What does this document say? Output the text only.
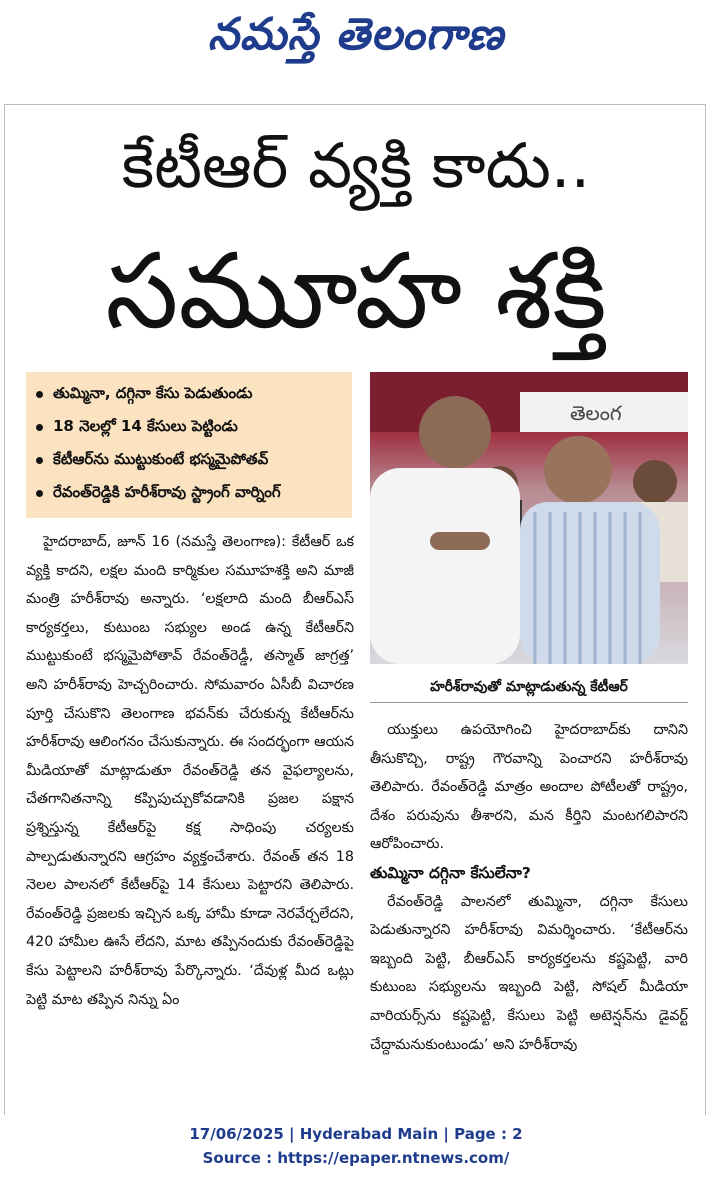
నమస్తే తెలంగాణ
కేటీఆర్ వ్యక్తి కాదు..
సమూహ శక్తి
తుమ్మినా, దగ్గినా కేసు పెడుతుండు
18 నెలల్లో 14 కేసులు పెట్టిండు
కేటీఆర్‌ను ముట్టుకుంటే భస్మమైపోతవ్
రేవంత్‌రెడ్డికి హరీశ్‌రావు స్ట్రాంగ్ వార్నింగ్
తెలంగ
హరీశ్‌రావుతో మాట్లాడుతున్న కేటీఆర్

హైదరాబాద్, జూన్ 16 (నమస్తే తెలంగాణ): కేటీఆర్ ఒక వ్యక్తి కాదని, లక్షల మంది కార్మికుల సమూహశక్తి అని మాజీ మంత్రి హరీశ్‌రావు అన్నారు. ‘లక్షలాది మంది బీఆర్‌ఎస్ కార్యకర్తలు, కుటుంబ సభ్యుల అండ ఉన్న కేటీఆర్‌ని ముట్టుకుంటే భస్మమైపోతావ్ రేవంత్‌రెడ్డీ, తస్మాత్ జాగ్రత్త’ అని హరీశ్‌రావు హెచ్చరించారు. సోమవారం ఏసీబీ విచారణ పూర్తి చేసుకొని తెలంగాణ భవన్‌కు చేరుకున్న కేటీఆర్‌ను హరీశ్‌రావు ఆలింగనం చేసుకున్నారు. ఈ సందర్భంగా ఆయన మీడియాతో మాట్లాడుతూ రేవంత్‌రెడ్డి తన వైఫల్యాలను, చేతగానితనాన్ని కప్పిపుచ్చుకోవడానికి ప్రజల పక్షాన ప్రశ్నిస్తున్న కేటీఆర్‌పై కక్ష సాధింపు చర్యలకు పాల్పడుతున్నారని ఆగ్రహం వ్యక్తంచేశారు. రేవంత్ తన 18 నెలల పాలనలో కేటీఆర్‌పై 14 కేసులు పెట్టారని తెలిపారు. రేవంత్‌రెడ్డి ప్రజలకు ఇచ్చిన ఒక్క హామీ కూడా నెరవేర్చలేదని, 420 హామీల ఊసే లేదని, మాట తప్పినందుకు రేవంత్‌రెడ్డిపై కేసు పెట్టాలని హరీశ్‌రావు పేర్కొన్నారు. ‘దేవుళ్ల మీద ఒట్లు పెట్టి మాట తప్పిన నిన్ను ఏం

యుక్తులు ఉపయోగించి హైదరాబాద్‌కు దానిని తీసుకొచ్చి, రాష్ట్ర గౌరవాన్ని పెంచారని హరీశ్‌రావు తెలిపారు. రేవంత్‌రెడ్డి మాత్రం అందాల పోటీలతో రాష్ట్రం, దేశం పరువును తీశారని, మన కీర్తిని మంటగలిపారని ఆరోపించారు.

తుమ్మినా దగ్గినా కేసులేనా?

రేవంత్‌రెడ్డి పాలనలో తుమ్మినా, దగ్గినా కేసులు పెడుతున్నారని హరీశ్‌రావు విమర్శించారు. ‘కేటీఆర్‌ను ఇబ్బంది పెట్టి, బీఆర్‌ఎస్ కార్యకర్తలను కష్టపెట్టి, వారి కుటుంబ సభ్యులను ఇబ్బంది పెట్టి, సోషల్ మీడియా వారియర్స్‌ను కష్టపెట్టి, కేసులు పెట్టి అటెన్షన్‌ను డైవర్ట్ చేద్దామనుకుంటుండు’ అని హరీశ్‌రావు

17/06/2025 | Hyderabad Main | Page : 2
Source : https://epaper.ntnews.com/
